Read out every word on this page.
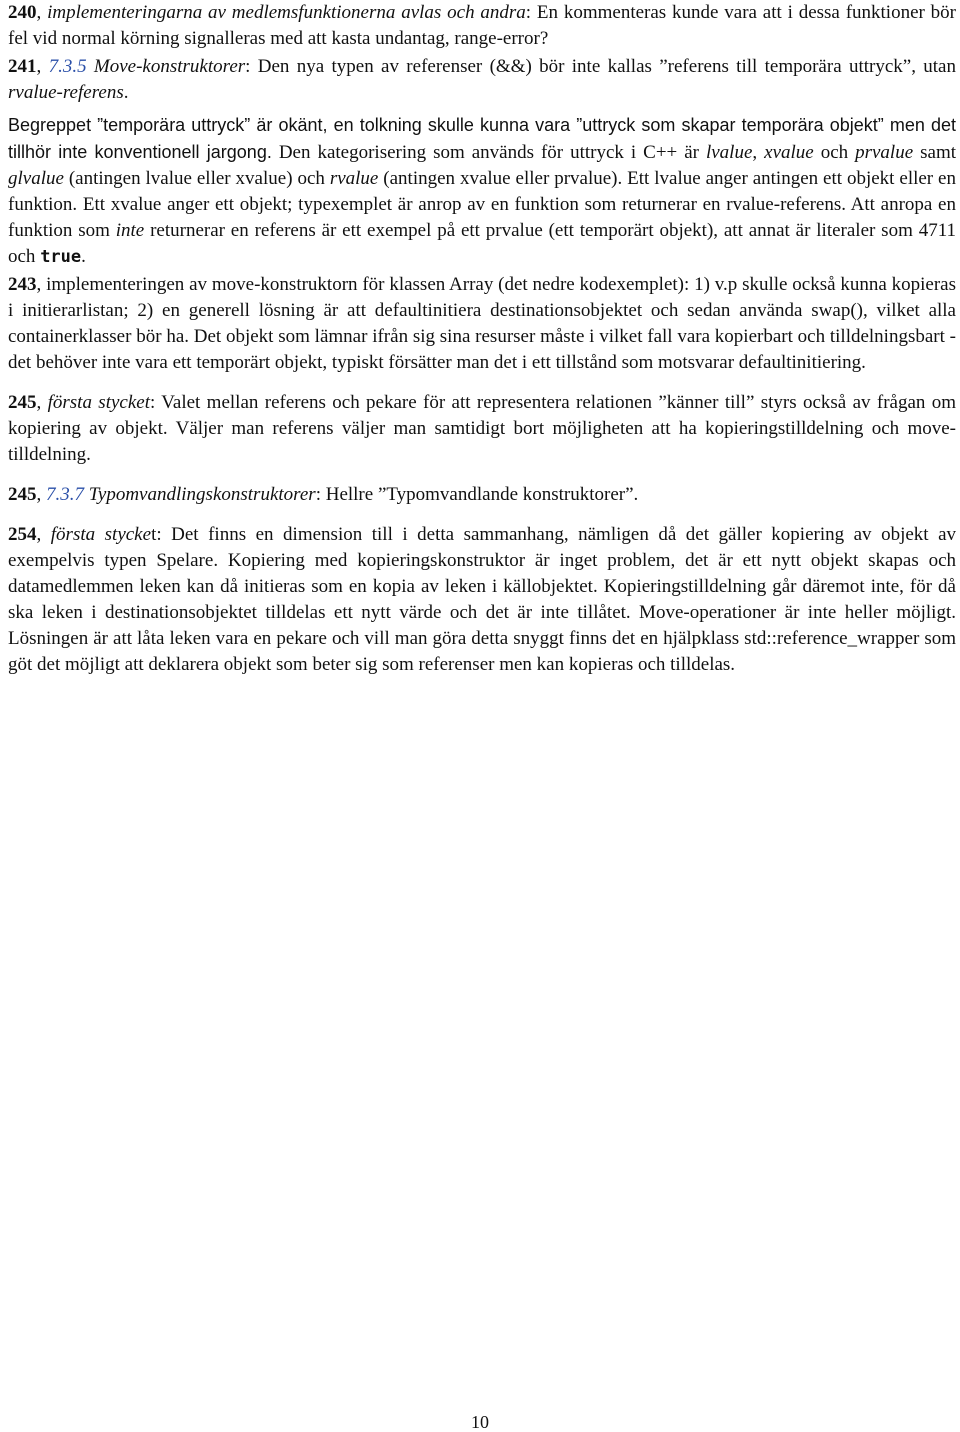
240, implementeringarna av medlemsfunktionerna avlas och andra: En kommenteras kunde vara att i dessa funktioner bör fel vid normal körning signalleras med att kasta undantag, range-error?

241, 7.3.5 Move-konstruktorer: Den nya typen av referenser (&&) bör inte kallas ”referens till temporära uttryck”, utan rvalue-referens.

Begreppet ”temporära uttryck” är okänt, en tolkning skulle kunna vara ”uttryck som skapar temporära objekt” men det tillhör inte konventionell jargong. Den kategorisering som används för uttryck i C++ är lvalue, xvalue och prvalue samt glvalue (antingen lvalue eller xvalue) och rvalue (antingen xvalue eller prvalue). Ett lvalue anger antingen ett objekt eller en funktion. Ett xvalue anger ett objekt; typexemplet är anrop av en funktion som returnerar en rvalue-referens. Att anropa en funktion som inte returnerar en referens är ett exempel på ett prvalue (ett temporärt objekt), att annat är literaler som 4711 och true.

243, implementeringen av move-konstruktorn för klassen Array (det nedre kodexemplet): 1) v.p skulle också kunna kopieras i initierarlistan; 2) en generell lösning är att defaultinitiera destinationsobjektet och sedan använda swap(), vilket alla containerklasser bör ha. Det objekt som lämnar ifrån sig sina resurser måste i vilket fall vara kopierbart och tilldelningsbart - det behöver inte vara ett temporärt objekt, typiskt försätter man det i ett tillstånd som motsvarar defaultinitiering.

245, första stycket: Valet mellan referens och pekare för att representera relationen ”känner till” styrs också av frågan om kopiering av objekt. Väljer man referens väljer man samtidigt bort möjligheten att ha kopieringstilldelning och move-tilldelning.

245, 7.3.7 Typomvandlingskonstruktorer: Hellre ”Typomvandlande konstruktorer”.

254, första stycket: Det finns en dimension till i detta sammanhang, nämligen då det gäller kopiering av objekt av exempelvis typen Spelare. Kopiering med kopieringskonstruktor är inget problem, det är ett nytt objekt skapas och datamedlemmen leken kan då initieras som en kopia av leken i källobjektet. Kopieringstilldelning går däremot inte, för då ska leken i destinationsobjektet tilldelas ett nytt värde och det är inte tillåtet. Move-operationer är inte heller möjligt. Lösningen är att låta leken vara en pekare och vill man göra detta snyggt finns det en hjälpklass std::reference_wrapper som göt det möjligt att deklarera objekt som beter sig som referenser men kan kopieras och tilldelas.

10
